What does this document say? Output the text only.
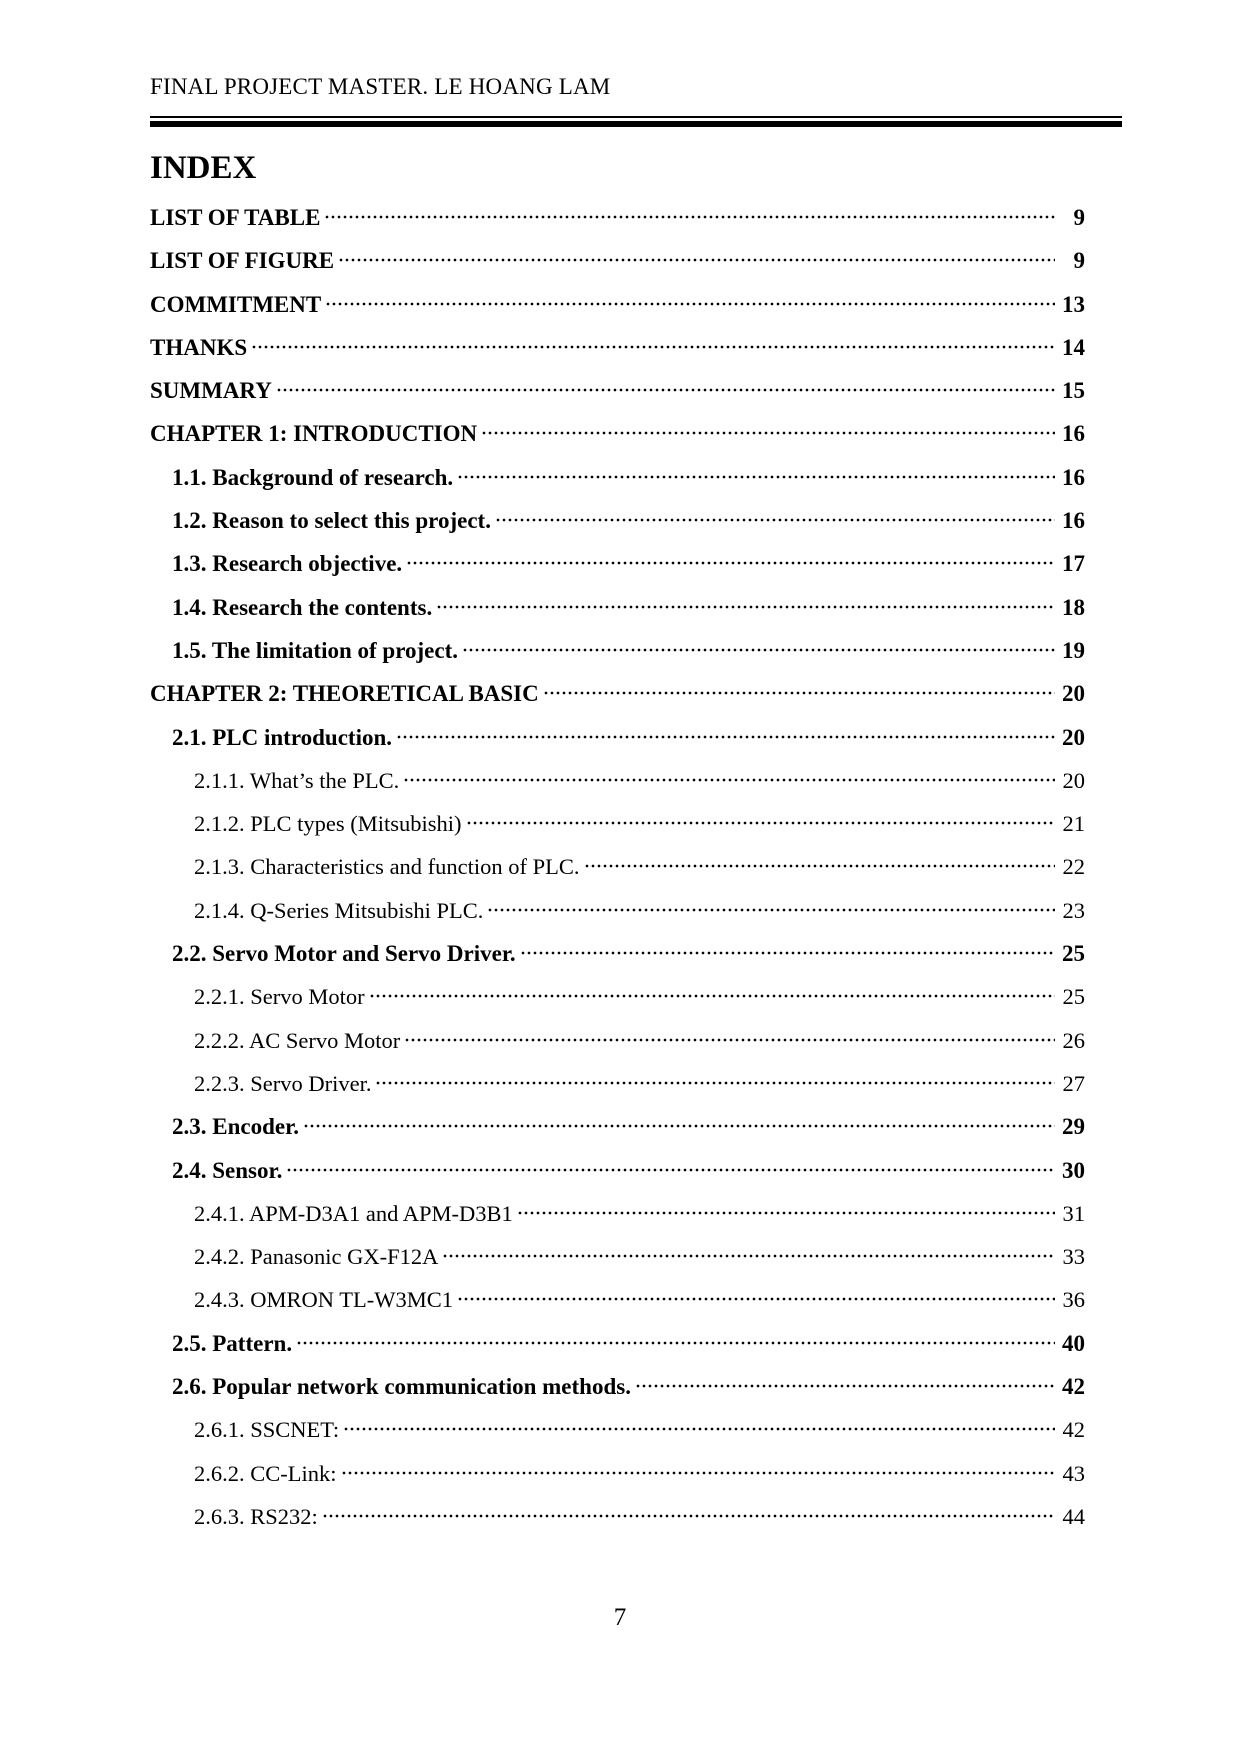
FINAL PROJECT MASTER. LE HOANG LAM
INDEX
LIST OF TABLE	9
LIST OF FIGURE	9
COMMITMENT	13
THANKS	14
SUMMARY	15
CHAPTER 1: INTRODUCTION	16
1.1. Background of research.	16
1.2. Reason to select this project.	16
1.3. Research objective.	17
1.4. Research the contents.	18
1.5. The limitation of project.	19
CHAPTER 2: THEORETICAL BASIC	20
2.1. PLC introduction.	20
2.1.1. What’s the PLC.	20
2.1.2. PLC types (Mitsubishi)	21
2.1.3. Characteristics and function of PLC.	22
2.1.4. Q-Series Mitsubishi PLC.	23
2.2. Servo Motor and Servo Driver.	25
2.2.1. Servo Motor	25
2.2.2. AC Servo Motor	26
2.2.3. Servo Driver.	27
2.3. Encoder.	29
2.4. Sensor.	30
2.4.1. APM-D3A1 and APM-D3B1	31
2.4.2. Panasonic GX-F12A	33
2.4.3. OMRON TL-W3MC1	36
2.5. Pattern.	40
2.6. Popular network communication methods.	42
2.6.1. SSCNET:	42
2.6.2. CC-Link:	43
2.6.3. RS232:	44
7
